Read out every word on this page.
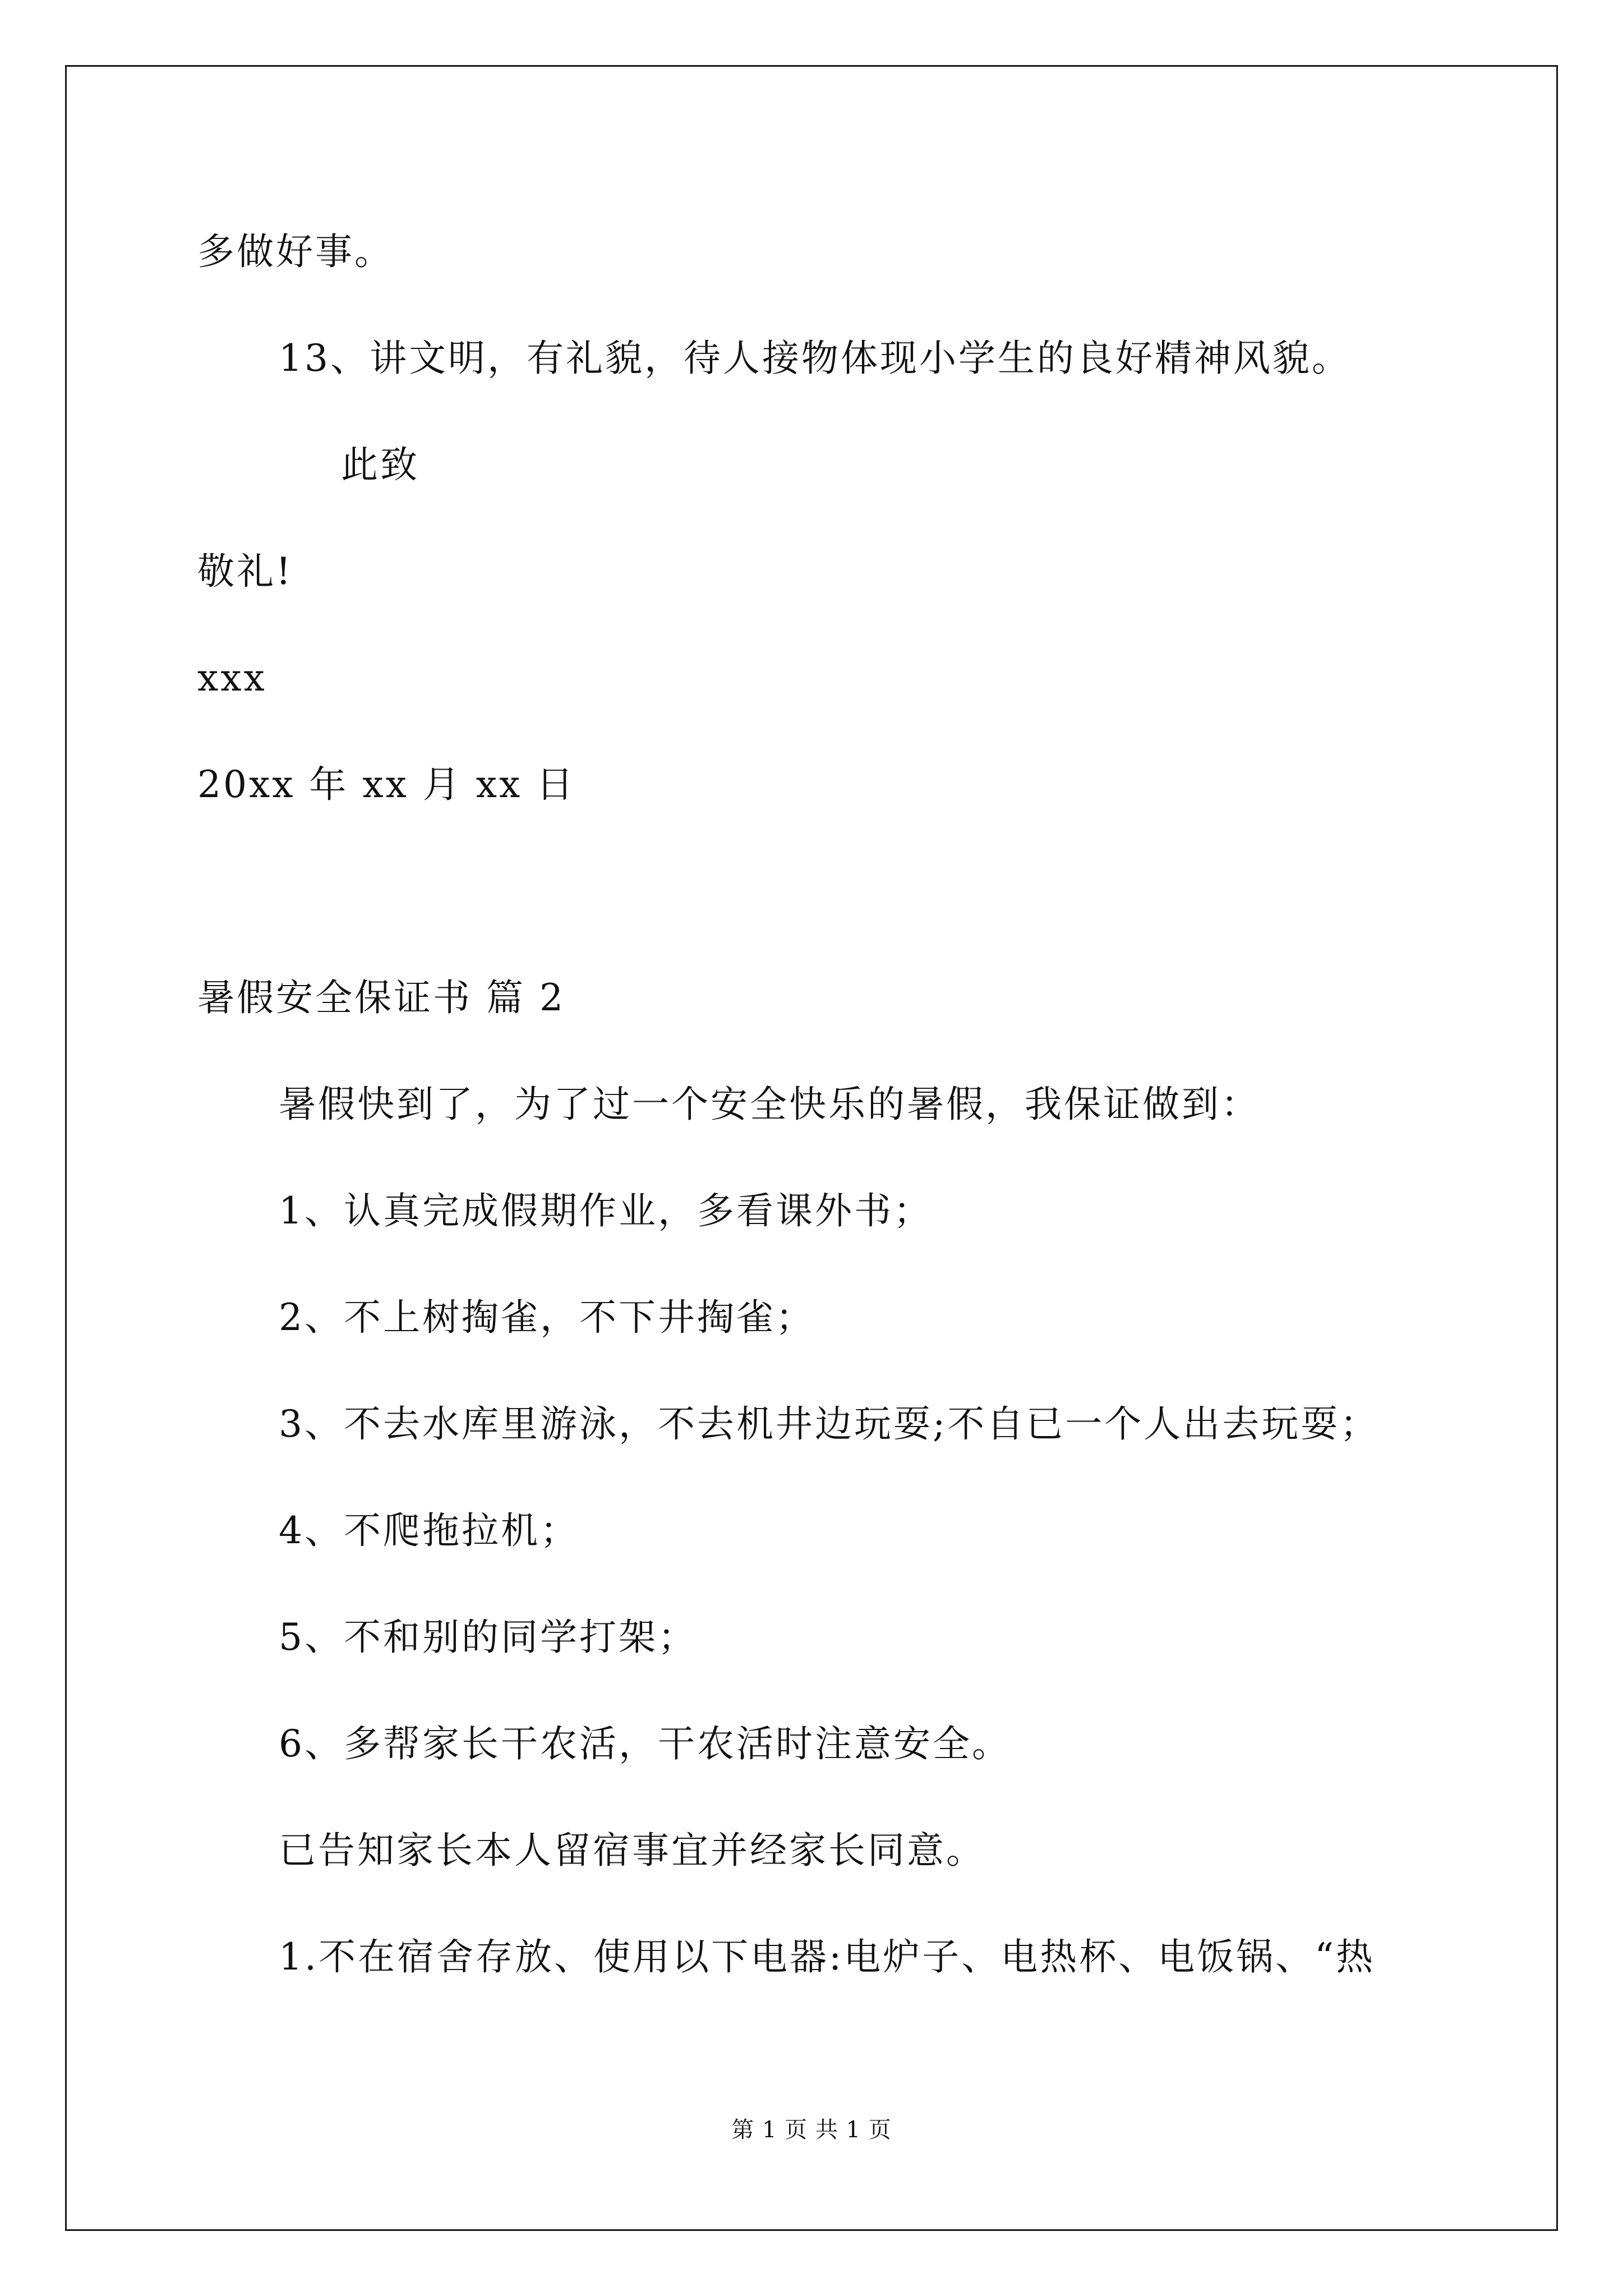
多做好事。
13、讲文明，有礼貌，待人接物体现小学生的良好精神风貌。
此致
敬礼!
xxx
20xx 年 xx 月 xx 日
暑假安全保证书 篇 2
暑假快到了，为了过一个安全快乐的暑假，我保证做到：
1、认真完成假期作业，多看课外书；
2、不上树掏雀，不下井掏雀；
3、不去水库里游泳，不去机井边玩耍;不自已一个人出去玩耍；
4、不爬拖拉机；
5、不和别的同学打架；
6、多帮家长干农活，干农活时注意安全。
已告知家长本人留宿事宜并经家长同意。
1.不在宿舍存放、使用以下电器:电炉子、电热杯、电饭锅、“热
第 1 页 共 1 页
